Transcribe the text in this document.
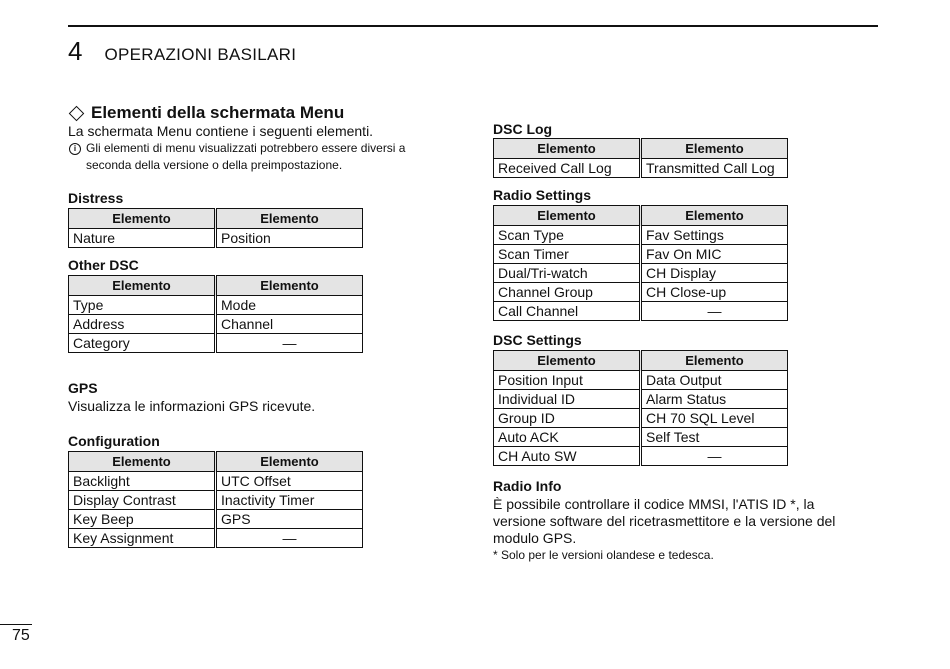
4 OPERAZIONI BASILARI
Elementi della schermata Menu
La schermata Menu contiene i seguenti elementi.
i Gli elementi di menu visualizzati potrebbero essere diversi a seconda della versione o della preimpostazione.
Distress
Elemento	Elemento
Nature	Position
Other DSC
Elemento	Elemento
Type	Mode
Address	Channel
Category	—
GPS
Visualizza le informazioni GPS ricevute.
Configuration
Elemento	Elemento
Backlight	UTC Offset
Display Contrast	Inactivity Timer
Key Beep	GPS
Key Assignment	—
DSC Log
Elemento	Elemento
Received Call Log	Transmitted Call Log
Radio Settings
Elemento	Elemento
Scan Type	Fav Settings
Scan Timer	Fav On MIC
Dual/Tri-watch	CH Display
Channel Group	CH Close-up
Call Channel	—
DSC Settings
Elemento	Elemento
Position Input	Data Output
Individual ID	Alarm Status
Group ID	CH 70 SQL Level
Auto ACK	Self Test
CH Auto SW	—
Radio Info
È possibile controllare il codice MMSI, l'ATIS ID *, la
versione software del ricetrasmettitore e la versione del
modulo GPS.
* Solo per le versioni olandese e tedesca.
75
